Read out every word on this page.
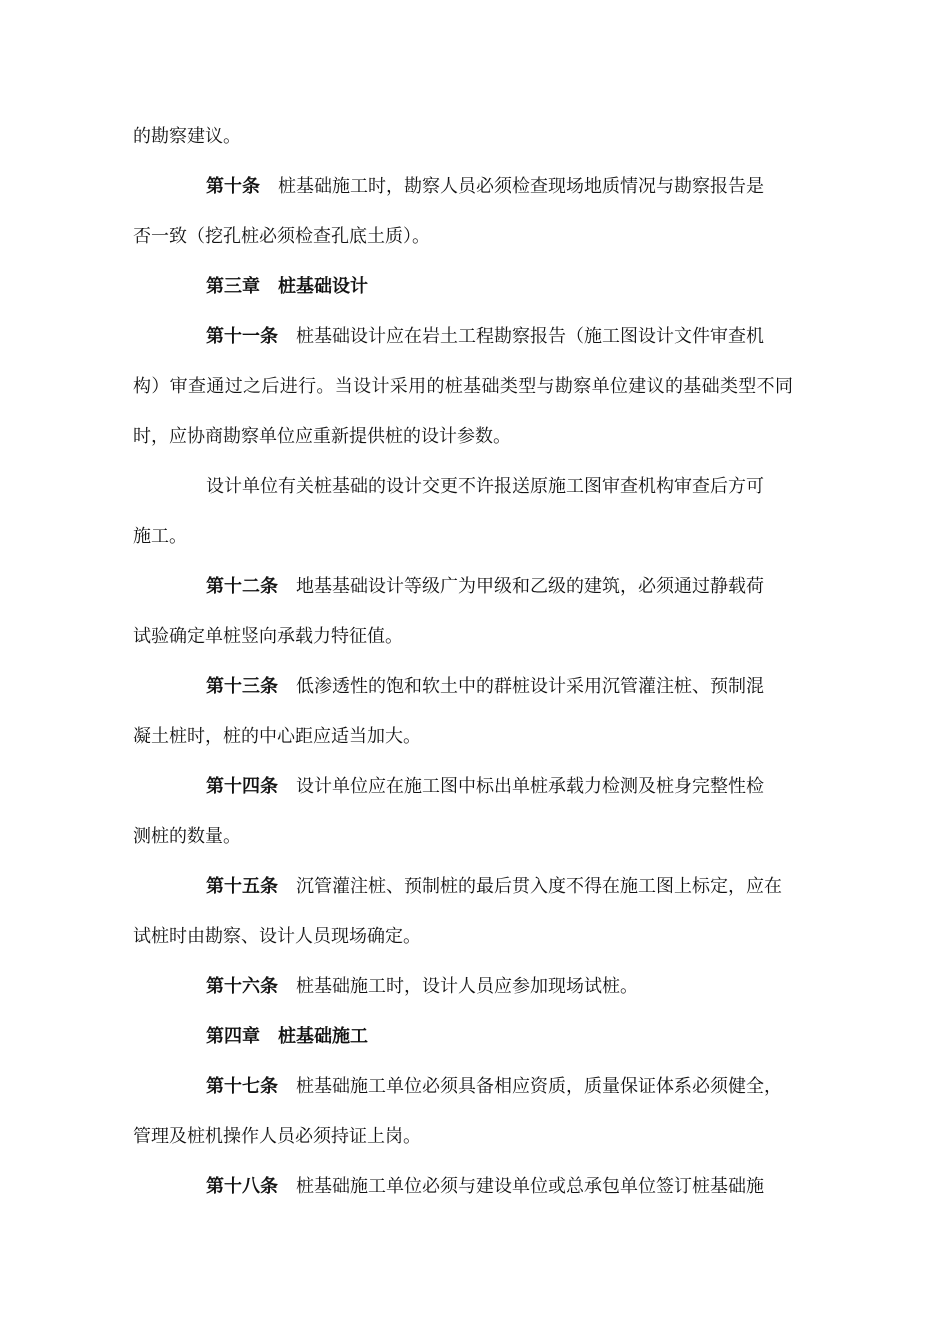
的勘察建议。
第十条 桩基础施工时，勘察人员必须检查现场地质情况与勘察报告是
否一致（挖孔桩必须检查孔底土质）。
第三章 桩基础设计
第十一条 桩基础设计应在岩土工程勘察报告（施工图设计文件审查机
构）审查通过之后进行。当设计采用的桩基础类型与勘察单位建议的基础类型不同
时，应协商勘察单位应重新提供桩的设计参数。
设计单位有关桩基础的设计交更不许报送原施工图审查机构审查后方可
施工。
第十二条 地基基础设计等级广为甲级和乙级的建筑，必须通过静载荷
试验确定单桩竖向承载力特征值。
第十三条 低渗透性的饱和软土中的群桩设计采用沉管灌注桩、预制混
凝土桩时，桩的中心距应适当加大。
第十四条 设计单位应在施工图中标出单桩承载力检测及桩身完整性检
测桩的数量。
第十五条 沉管灌注桩、预制桩的最后贯入度不得在施工图上标定，应在
试桩时由勘察、设计人员现场确定。
第十六条 桩基础施工时，设计人员应参加现场试桩。
第四章 桩基础施工
第十七条 桩基础施工单位必须具备相应资质，质量保证体系必须健全，
管理及桩机操作人员必须持证上岗。
第十八条 桩基础施工单位必须与建设单位或总承包单位签订桩基础施
